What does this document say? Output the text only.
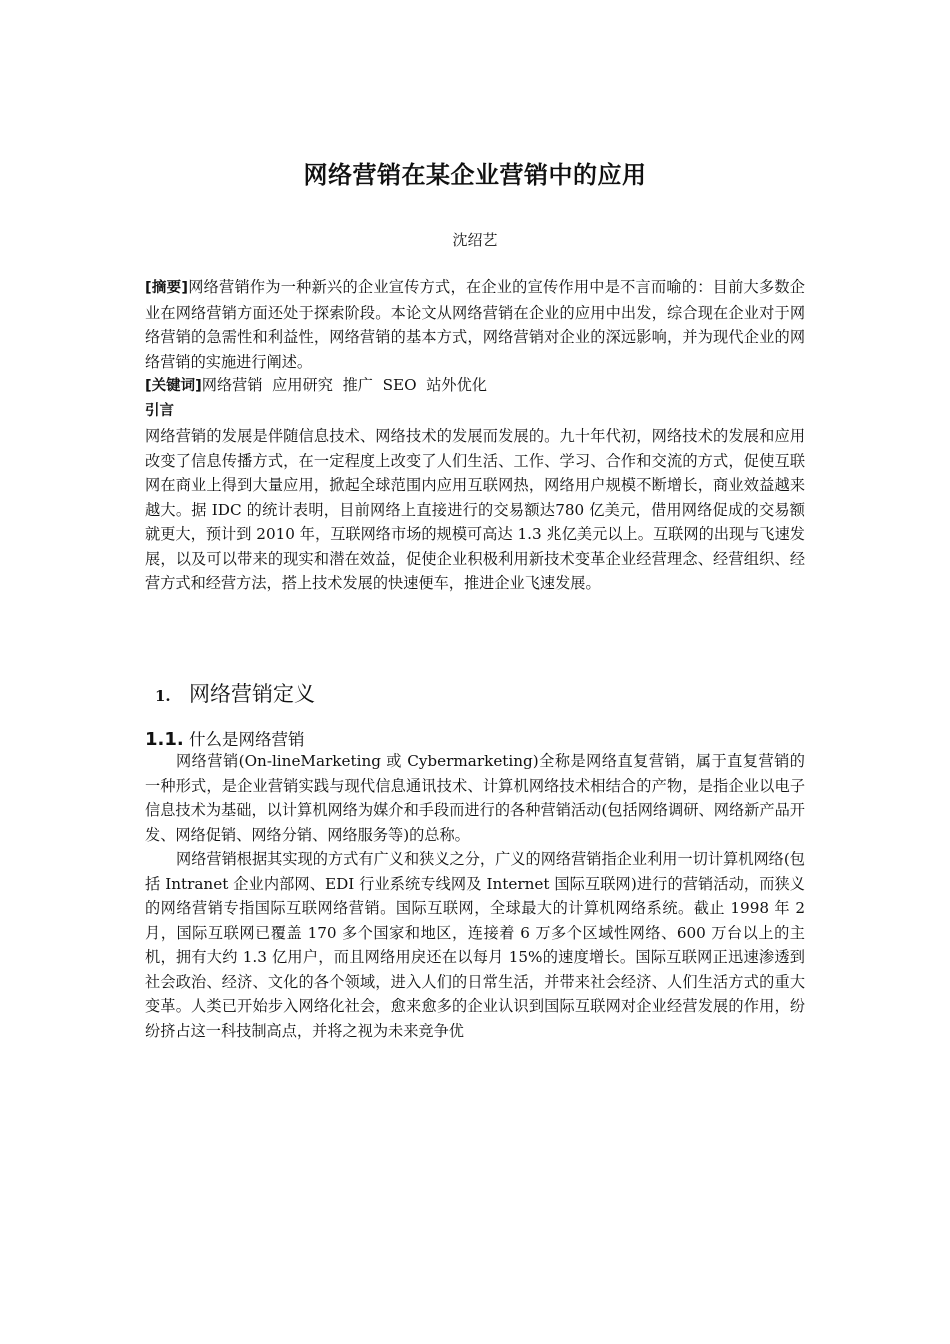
网络营销在某企业营销中的应用
沈绍艺
[摘要]网络营销作为一种新兴的企业宣传方式，在企业的宣传作用中是不言而喻的：目前大多数企业在网络营销方面还处于探索阶段。本论文从网络营销在企业的应用中出发，综合现在企业对于网络营销的急需性和利益性，网络营销的基本方式，网络营销对企业的深远影响，并为现代企业的网络营销的实施进行阐述。
[关键词]网络营销  应用研究  推广  SEO  站外优化
引言
网络营销的发展是伴随信息技术、网络技术的发展而发展的。九十年代初，网络技术的发展和应用改变了信息传播方式，在一定程度上改变了人们生活、工作、学习、合作和交流的方式，促使互联网在商业上得到大量应用，掀起全球范围内应用互联网热，网络用户规模不断增长，商业效益越来越大。据 IDC 的统计表明，目前网络上直接进行的交易额达780 亿美元，借用网络促成的交易额就更大，预计到 2010 年，互联网络市场的规模可高达 1.3 兆亿美元以上。互联网的出现与飞速发展，以及可以带来的现实和潜在效益，促使企业积极利用新技术变革企业经营理念、经营组织、经营方式和经营方法，搭上技术发展的快速便车，推进企业飞速发展。
1. 网络营销定义
1.1. 什么是网络营销

网络营销(On-lineMarketing 或 Cybermarketing)全称是网络直复营销，属于直复营销的一种形式，是企业营销实践与现代信息通讯技术、计算机网络技术相结合的产物，是指企业以电子信息技术为基础，以计算机网络为媒介和手段而进行的各种营销活动(包括网络调研、网络新产品开发、网络促销、网络分销、网络服务等)的总称。

网络营销根据其实现的方式有广义和狭义之分，广义的网络营销指企业利用一切计算机网络(包括 Intranet 企业内部网、EDI 行业系统专线网及 Internet 国际互联网)进行的营销活动，而狭义的网络营销专指国际互联网络营销。国际互联网，全球最大的计算机网络系统。截止 1998 年 2 月，国际互联网已覆盖 170 多个国家和地区，连接着 6 万多个区域性网络、600 万台以上的主机，拥有大约 1.3 亿用户，而且网络用戾还在以每月 15%的速度增长。国际互联网正迅速渗透到社会政治、经济、文化的各个领域，进入人们的日常生活，并带来社会经济、人们生活方式的重大变革。人类已开始步入网络化社会，愈来愈多的企业认识到国际互联网对企业经营发展的作用，纷纷挤占这一科技制高点，并将之视为未来竞争优
